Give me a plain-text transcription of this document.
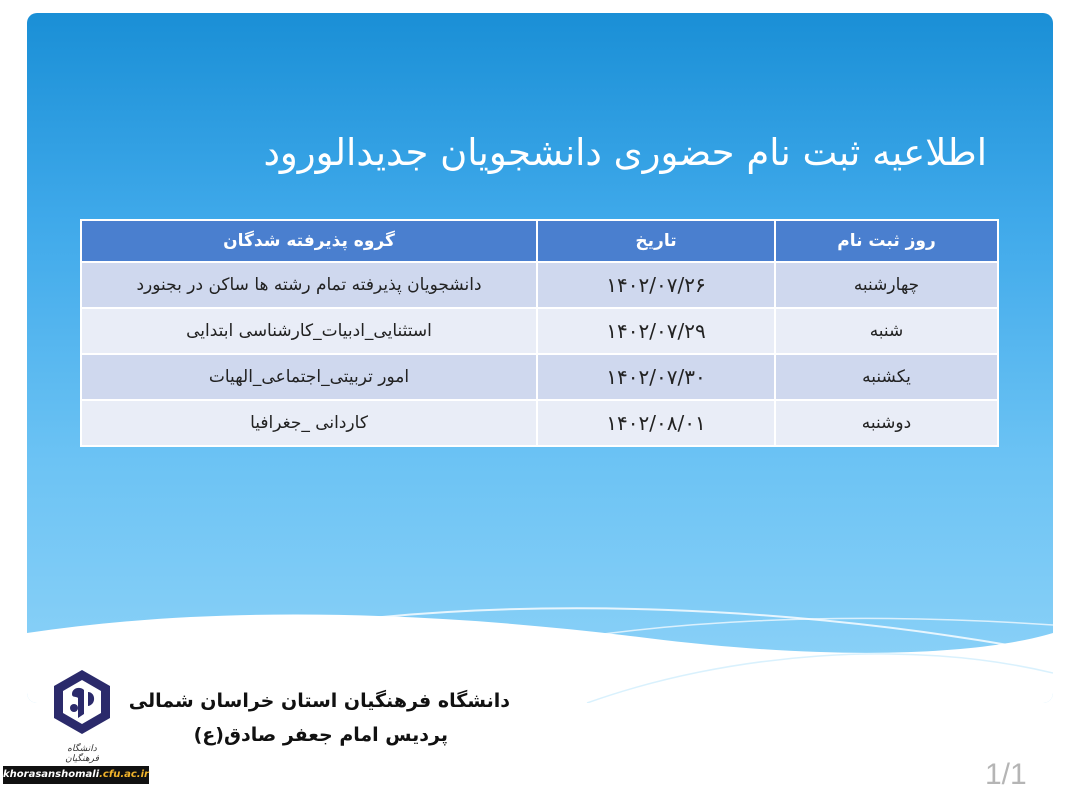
اطلاعیه ثبت نام حضوری دانشجویان جدیدالورود
روز ثبت نام	تاریخ	گروه پذیرفته شدگان
چهارشنبه	۱۴۰۲/۰۷/۲۶	دانشجویان پذیرفته تمام رشته ها ساکن در بجنورد
شنبه	۱۴۰۲/۰۷/۲۹	استثنایی_ادبیات_کارشناسی ابتدایی
یکشنبه	۱۴۰۲/۰۷/۳۰	امور تربیتی_اجتماعی_الهیات
دوشنبه	۱۴۰۲/۰۸/۰۱	کاردانی _جغرافیا
دانشگاه فرهنگیان
دانشگاه فرهنگیان استان خراسان شمالی
پردیس امام جعفر صادق(ع)
khorasanshomali.cfu.ac.ir	1/1
